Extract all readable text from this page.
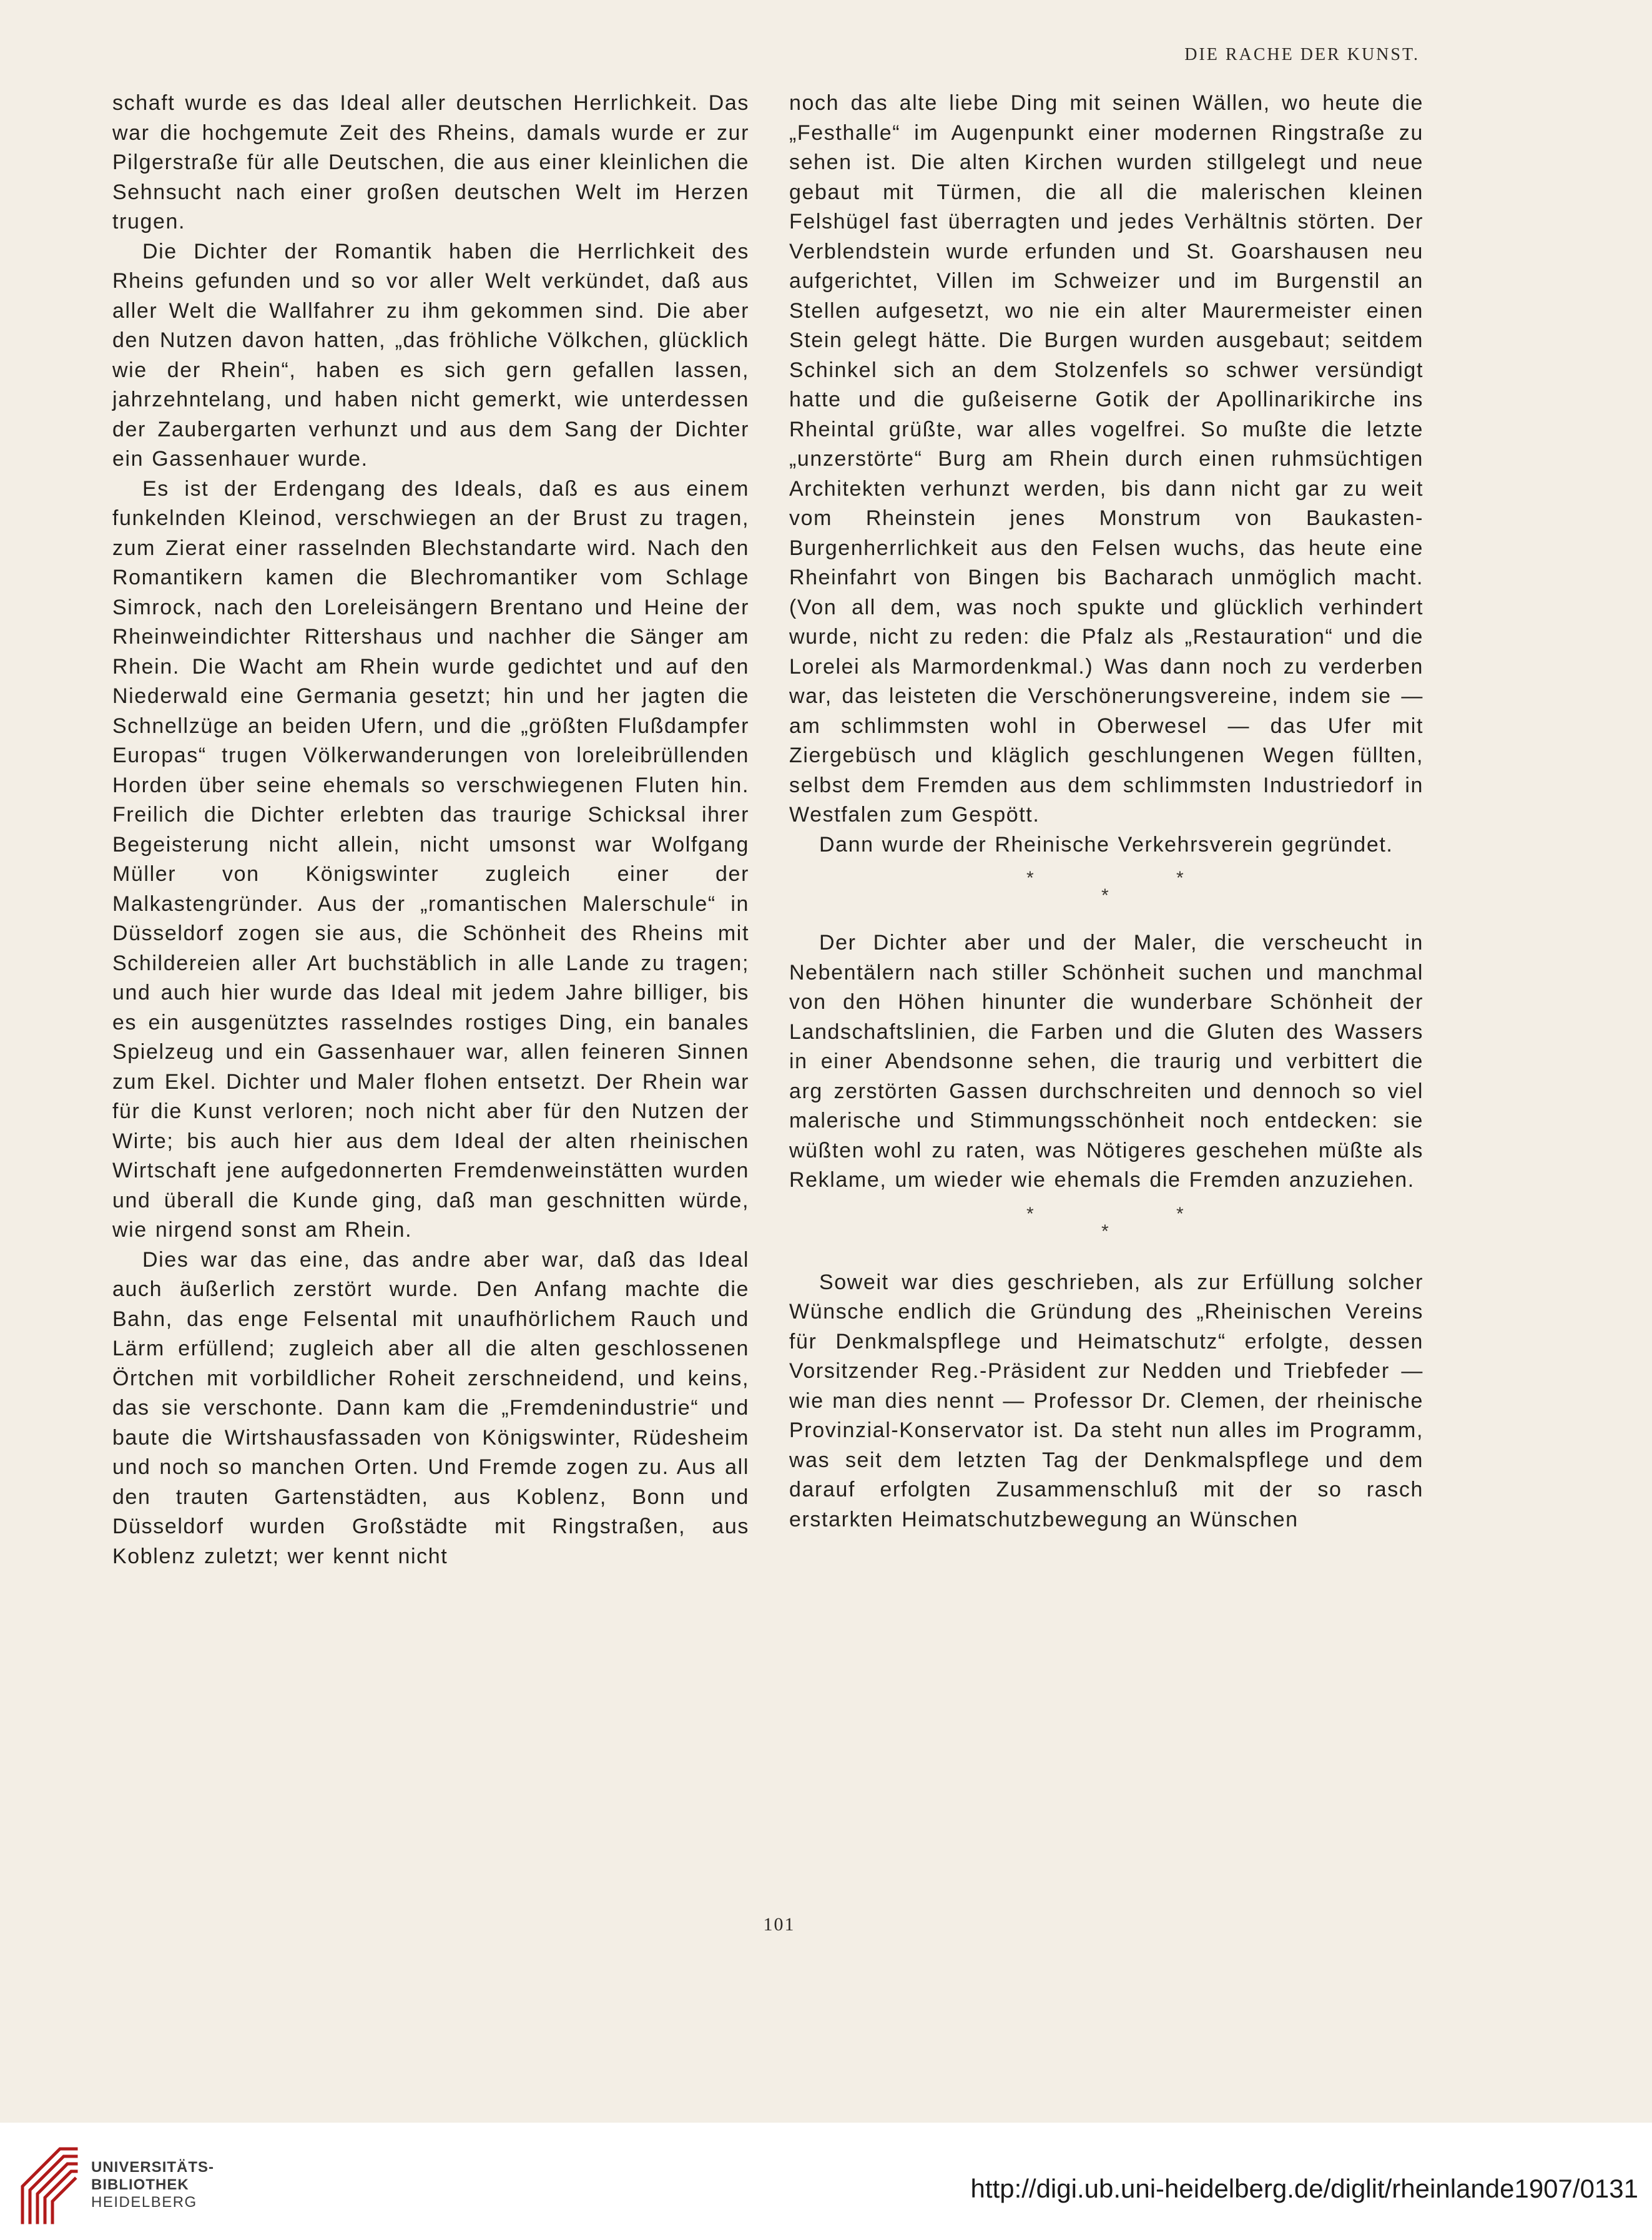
DIE RACHE DER KUNST.

schaft wurde es das Ideal aller deutschen Herrlichkeit. Das war die hochgemute Zeit des Rheins, damals wurde er zur Pilgerstraße für alle Deutschen, die aus einer kleinlichen die Sehnsucht nach einer großen deutschen Welt im Herzen trugen.

Die Dichter der Romantik haben die Herrlichkeit des Rheins gefunden und so vor aller Welt verkündet, daß aus aller Welt die Wallfahrer zu ihm gekommen sind. Die aber den Nutzen davon hatten, „das fröhliche Völkchen, glücklich wie der Rhein“, haben es sich gern gefallen lassen, jahrzehntelang, und haben nicht gemerkt, wie unterdessen der Zaubergarten verhunzt und aus dem Sang der Dichter ein Gassenhauer wurde.

Es ist der Erdengang des Ideals, daß es aus einem funkelnden Kleinod, verschwiegen an der Brust zu tragen, zum Zierat einer rasselnden Blechstandarte wird. Nach den Romantikern kamen die Blechromantiker vom Schlage Simrock, nach den Loreleisängern Brentano und Heine der Rheinweindichter Rittershaus und nachher die Sänger am Rhein. Die Wacht am Rhein wurde gedichtet und auf den Niederwald eine Germania gesetzt; hin und her jagten die Schnellzüge an beiden Ufern, und die „größten Flußdampfer Europas“ trugen Völkerwanderungen von loreleibrüllenden Horden über seine ehemals so verschwiegenen Fluten hin. Freilich die Dichter erlebten das traurige Schicksal ihrer Begeisterung nicht allein, nicht umsonst war Wolfgang Müller von Königswinter zugleich einer der Malkastengründer. Aus der „romantischen Malerschule“ in Düsseldorf zogen sie aus, die Schönheit des Rheins mit Schildereien aller Art buchstäblich in alle Lande zu tragen; und auch hier wurde das Ideal mit jedem Jahre billiger, bis es ein ausgenütztes rasselndes rostiges Ding, ein banales Spielzeug und ein Gassenhauer war, allen feineren Sinnen zum Ekel. Dichter und Maler flohen entsetzt. Der Rhein war für die Kunst verloren; noch nicht aber für den Nutzen der Wirte; bis auch hier aus dem Ideal der alten rheinischen Wirtschaft jene aufgedonnerten Fremdenweinstätten wurden und überall die Kunde ging, daß man geschnitten würde, wie nirgend sonst am Rhein.

Dies war das eine, das andre aber war, daß das Ideal auch äußerlich zerstört wurde. Den Anfang machte die Bahn, das enge Felsental mit unaufhörlichem Rauch und Lärm erfüllend; zugleich aber all die alten geschlossenen Örtchen mit vorbildlicher Roheit zerschneidend, und keins, das sie verschonte. Dann kam die „Fremdenindustrie“ und baute die Wirtshausfassaden von Königswinter, Rüdesheim und noch so manchen Orten. Und Fremde zogen zu. Aus all den trauten Gartenstädten, aus Koblenz, Bonn und Düsseldorf wurden Großstädte mit Ringstraßen, aus Koblenz zuletzt; wer kennt nicht

noch das alte liebe Ding mit seinen Wällen, wo heute die „Festhalle“ im Augenpunkt einer modernen Ringstraße zu sehen ist. Die alten Kirchen wurden stillgelegt und neue gebaut mit Türmen, die all die malerischen kleinen Felshügel fast überragten und jedes Verhältnis störten. Der Verblendstein wurde erfunden und St. Goarshausen neu aufgerichtet, Villen im Schweizer und im Burgenstil an Stellen aufgesetzt, wo nie ein alter Maurermeister einen Stein gelegt hätte. Die Burgen wurden ausgebaut; seitdem Schinkel sich an dem Stolzenfels so schwer versündigt hatte und die gußeiserne Gotik der Apollinarikirche ins Rheintal grüßte, war alles vogelfrei. So mußte die letzte „unzerstörte“ Burg am Rhein durch einen ruhmsüchtigen Architekten verhunzt werden, bis dann nicht gar zu weit vom Rheinstein jenes Monstrum von Baukasten-Burgenherrlichkeit aus den Felsen wuchs, das heute eine Rheinfahrt von Bingen bis Bacharach unmöglich macht. (Von all dem, was noch spukte und glücklich verhindert wurde, nicht zu reden: die Pfalz als „Restauration“ und die Lorelei als Marmordenkmal.) Was dann noch zu verderben war, das leisteten die Verschönerungsvereine, indem sie — am schlimmsten wohl in Oberwesel — das Ufer mit Ziergebüsch und kläglich geschlungenen Wegen füllten, selbst dem Fremden aus dem schlimmsten Industriedorf in Westfalen zum Gespött.

Dann wurde der Rheinische Verkehrsverein gegründet.

*	*
*

Der Dichter aber und der Maler, die verscheucht in Nebentälern nach stiller Schönheit suchen und manchmal von den Höhen hinunter die wunderbare Schönheit der Landschaftslinien, die Farben und die Gluten des Wassers in einer Abendsonne sehen, die traurig und verbittert die arg zerstörten Gassen durchschreiten und dennoch so viel malerische und Stimmungsschönheit noch entdecken: sie wüßten wohl zu raten, was Nötigeres geschehen müßte als Reklame, um wieder wie ehemals die Fremden anzuziehen.

*	*
*

Soweit war dies geschrieben, als zur Erfüllung solcher Wünsche endlich die Gründung des „Rheinischen Vereins für Denkmalspflege und Heimatschutz“ erfolgte, dessen Vorsitzender Reg.-Präsident zur Nedden und Triebfeder — wie man dies nennt — Professor Dr. Clemen, der rheinische Provinzial-Konservator ist. Da steht nun alles im Programm, was seit dem letzten Tag der Denkmalspflege und dem darauf erfolgten Zusammenschluß mit der so rasch erstarkten Heimatschutzbewegung an Wünschen

101
UNIVERSITÄTS-
BIBLIOTHEK
HEIDELBERG	http://digi.ub.uni-heidelberg.de/diglit/rheinlande1907/0131
